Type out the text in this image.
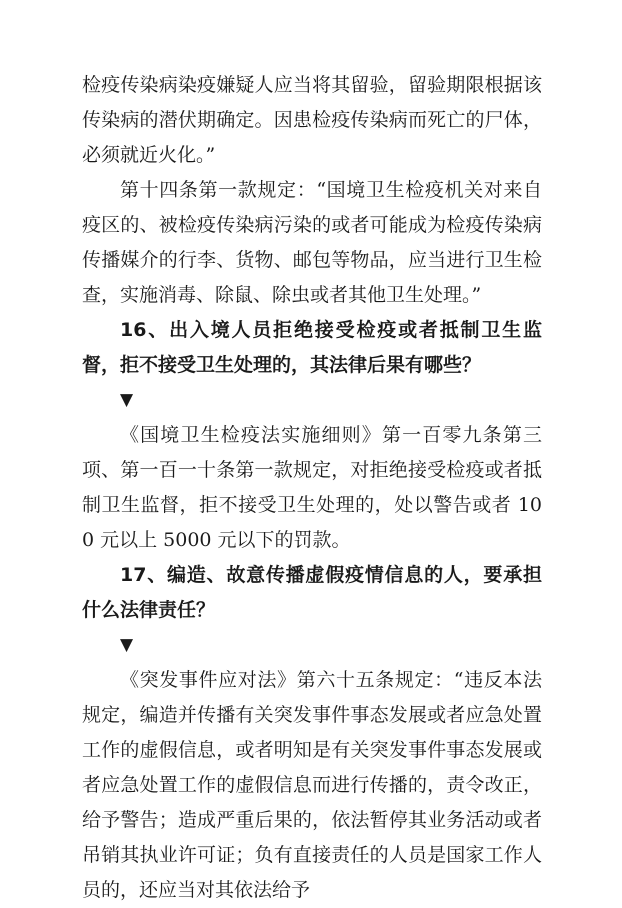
检疫传染病染疫嫌疑人应当将其留验，留验期限根据该传染病的潜伏期确定。因患检疫传染病而死亡的尸体，必须就近火化。”

第十四条第一款规定：“国境卫生检疫机关对来自疫区的、被检疫传染病污染的或者可能成为检疫传染病传播媒介的行李、货物、邮包等物品，应当进行卫生检查，实施消毒、除鼠、除虫或者其他卫生处理。”

16、出入境人员拒绝接受检疫或者抵制卫生监督，拒不接受卫生处理的，其法律后果有哪些？

▼

《国境卫生检疫法实施细则》第一百零九条第三项、第一百一十条第一款规定，对拒绝接受检疫或者抵制卫生监督，拒不接受卫生处理的，处以警告或者 100 元以上 5000 元以下的罚款。

17、编造、故意传播虚假疫情信息的人，要承担什么法律责任？

▼

《突发事件应对法》第六十五条规定：“违反本法规定，编造并传播有关突发事件事态发展或者应急处置工作的虚假信息，或者明知是有关突发事件事态发展或者应急处置工作的虚假信息而进行传播的，责令改正，给予警告；造成严重后果的，依法暂停其业务活动或者吊销其执业许可证；负有直接责任的人员是国家工作人员的，还应当对其依法给予
